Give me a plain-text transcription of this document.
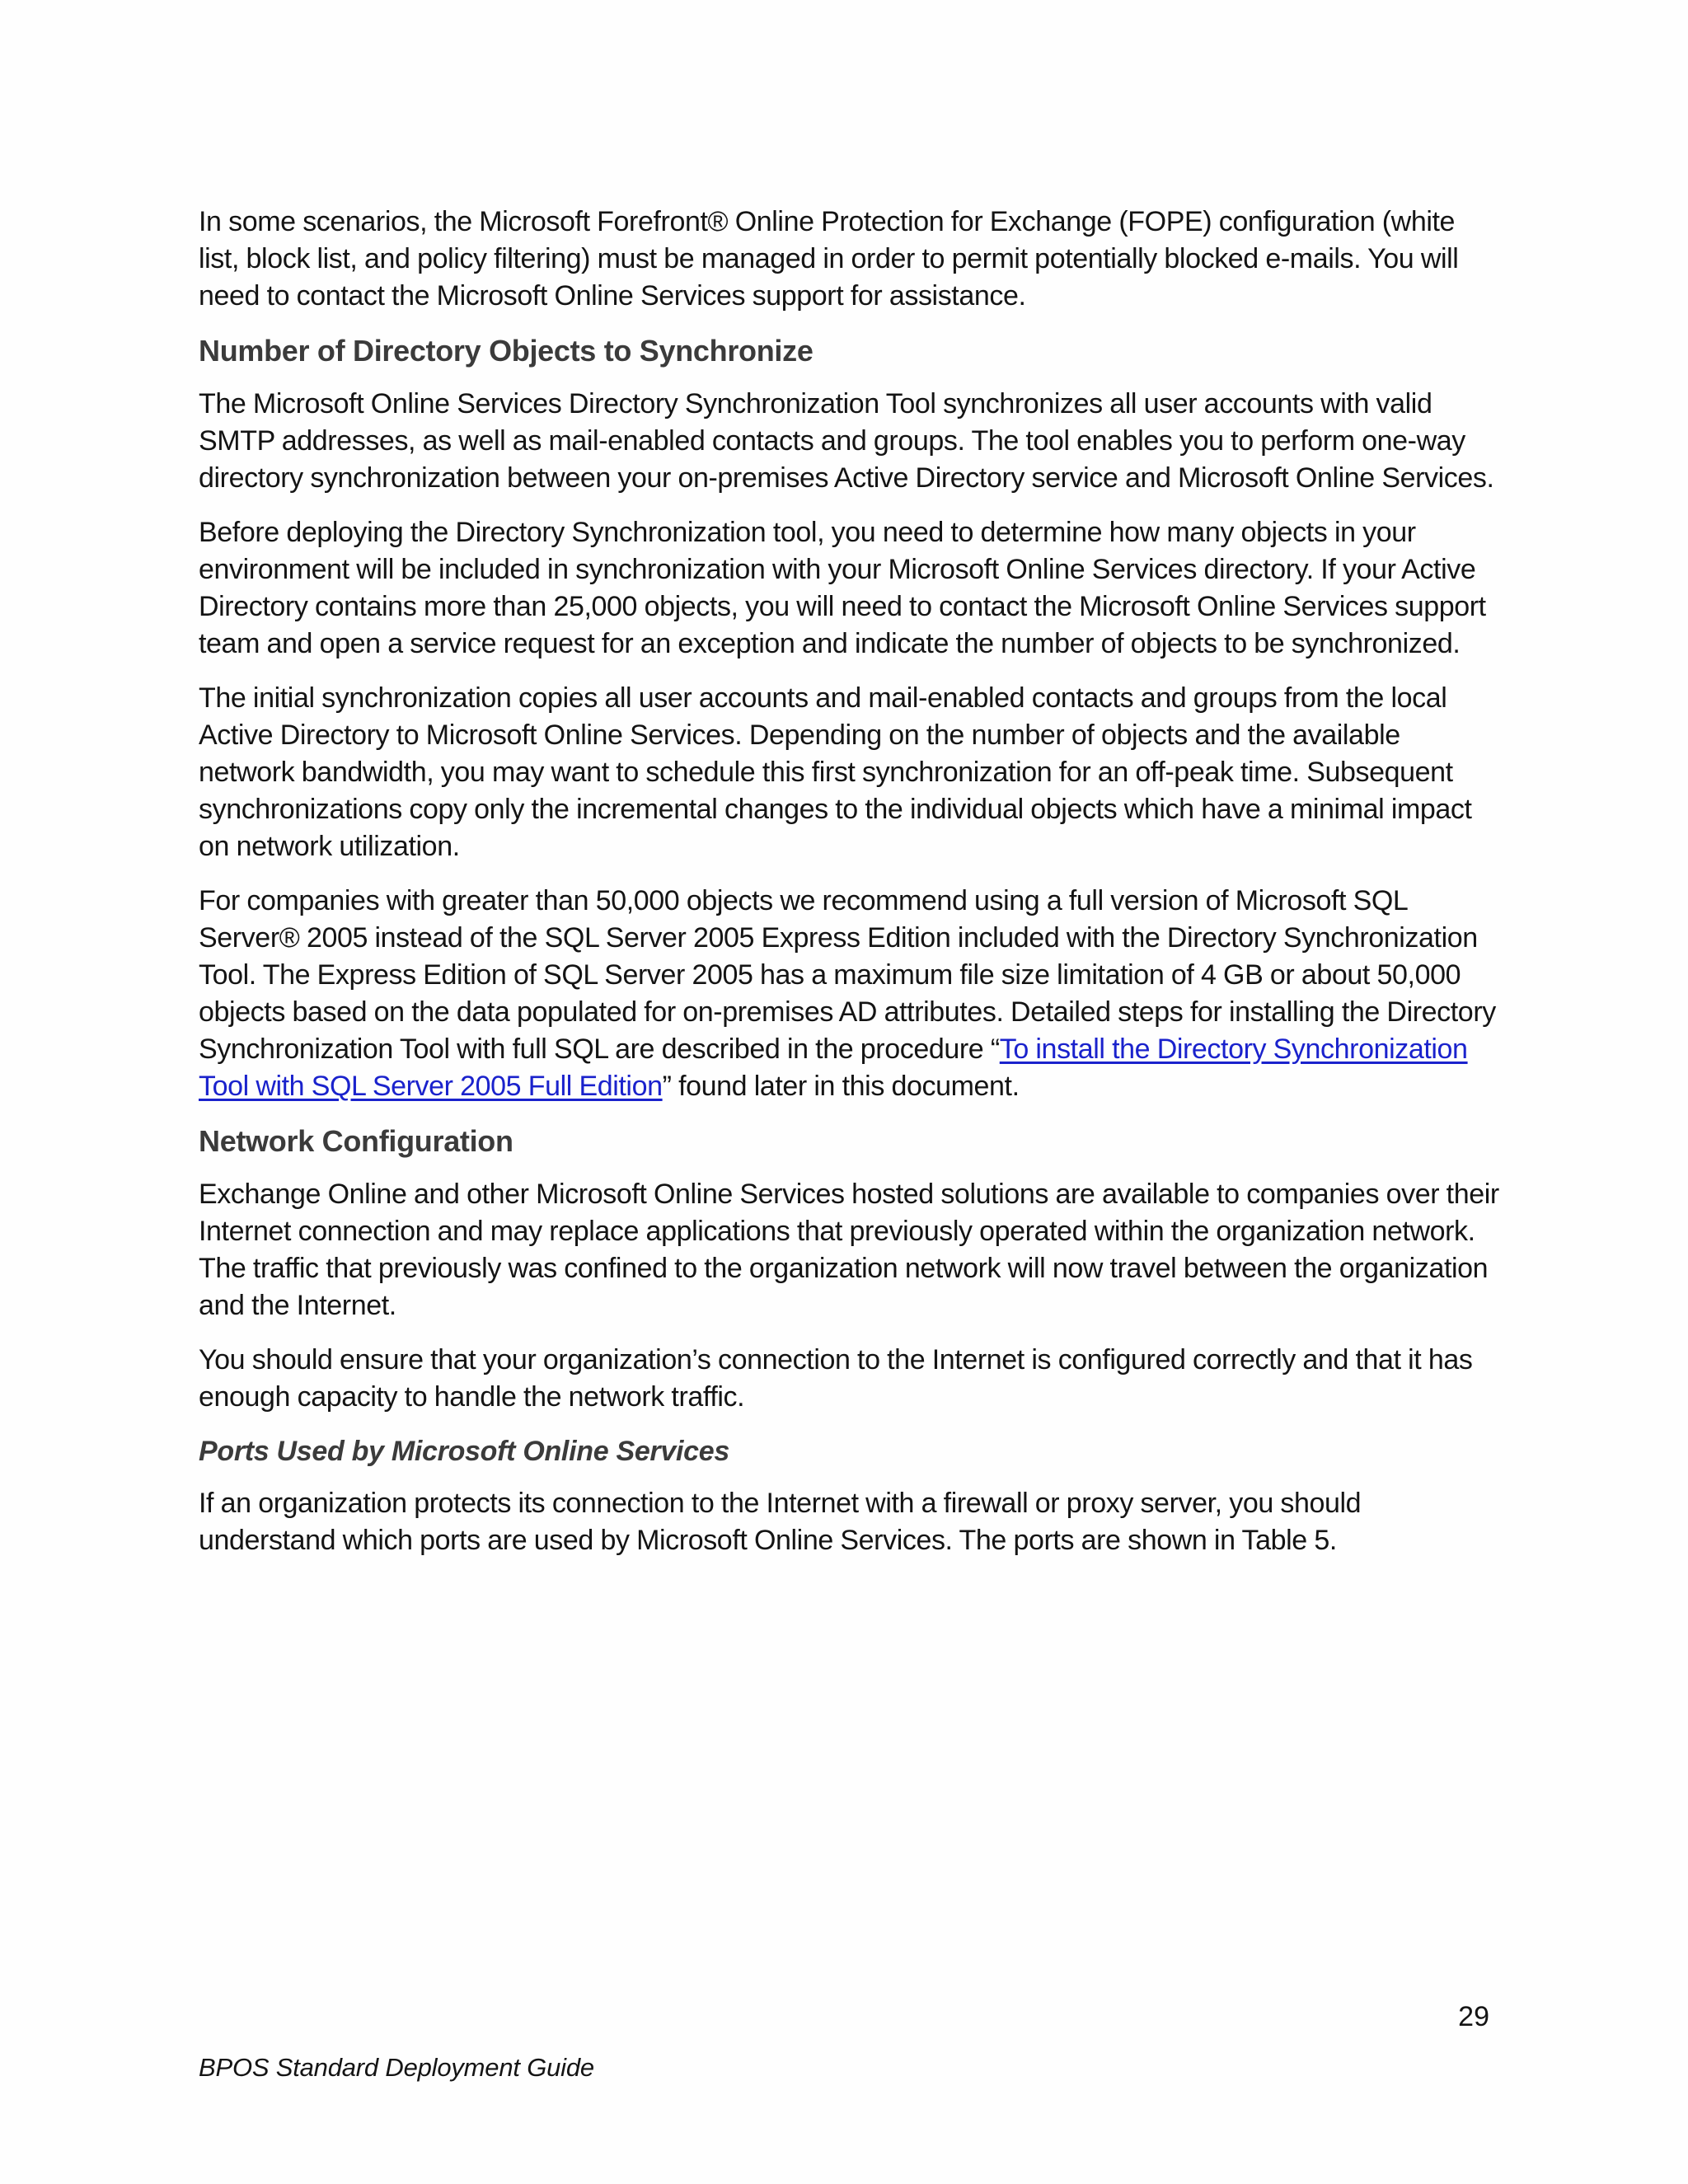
In some scenarios, the Microsoft Forefront® Online Protection for Exchange (FOPE) configuration (white list, block list, and policy filtering) must be managed in order to permit potentially blocked e-mails. You will need to contact the Microsoft Online Services support for assistance.

Number of Directory Objects to Synchronize

The Microsoft Online Services Directory Synchronization Tool synchronizes all user accounts with valid SMTP addresses, as well as mail-enabled contacts and groups. The tool enables you to perform one-way directory synchronization between your on-premises Active Directory service and Microsoft Online Services.

Before deploying the Directory Synchronization tool, you need to determine how many objects in your environment will be included in synchronization with your Microsoft Online Services directory. If your Active Directory contains more than 25,000 objects, you will need to contact the Microsoft Online Services support team and open a service request for an exception and indicate the number of objects to be synchronized.

The initial synchronization copies all user accounts and mail-enabled contacts and groups from the local Active Directory to Microsoft Online Services. Depending on the number of objects and the available network bandwidth, you may want to schedule this first synchronization for an off-peak time. Subsequent synchronizations copy only the incremental changes to the individual objects which have a minimal impact on network utilization.

For companies with greater than 50,000 objects we recommend using a full version of Microsoft SQL Server® 2005 instead of the SQL Server 2005 Express Edition included with the Directory Synchronization Tool. The Express Edition of SQL Server 2005 has a maximum file size limitation of 4 GB or about 50,000 objects based on the data populated for on-premises AD attributes. Detailed steps for installing the Directory Synchronization Tool with full SQL are described in the procedure “To install the Directory Synchronization Tool with SQL Server 2005 Full Edition” found later in this document.

Network Configuration

Exchange Online and other Microsoft Online Services hosted solutions are available to companies over their Internet connection and may replace applications that previously operated within the organization network. The traffic that previously was confined to the organization network will now travel between the organization and the Internet.

You should ensure that your organization’s connection to the Internet is configured correctly and that it has enough capacity to handle the network traffic.

Ports Used by Microsoft Online Services

If an organization protects its connection to the Internet with a firewall or proxy server, you should understand which ports are used by Microsoft Online Services. The ports are shown in Table 5.

29
BPOS Standard Deployment Guide
